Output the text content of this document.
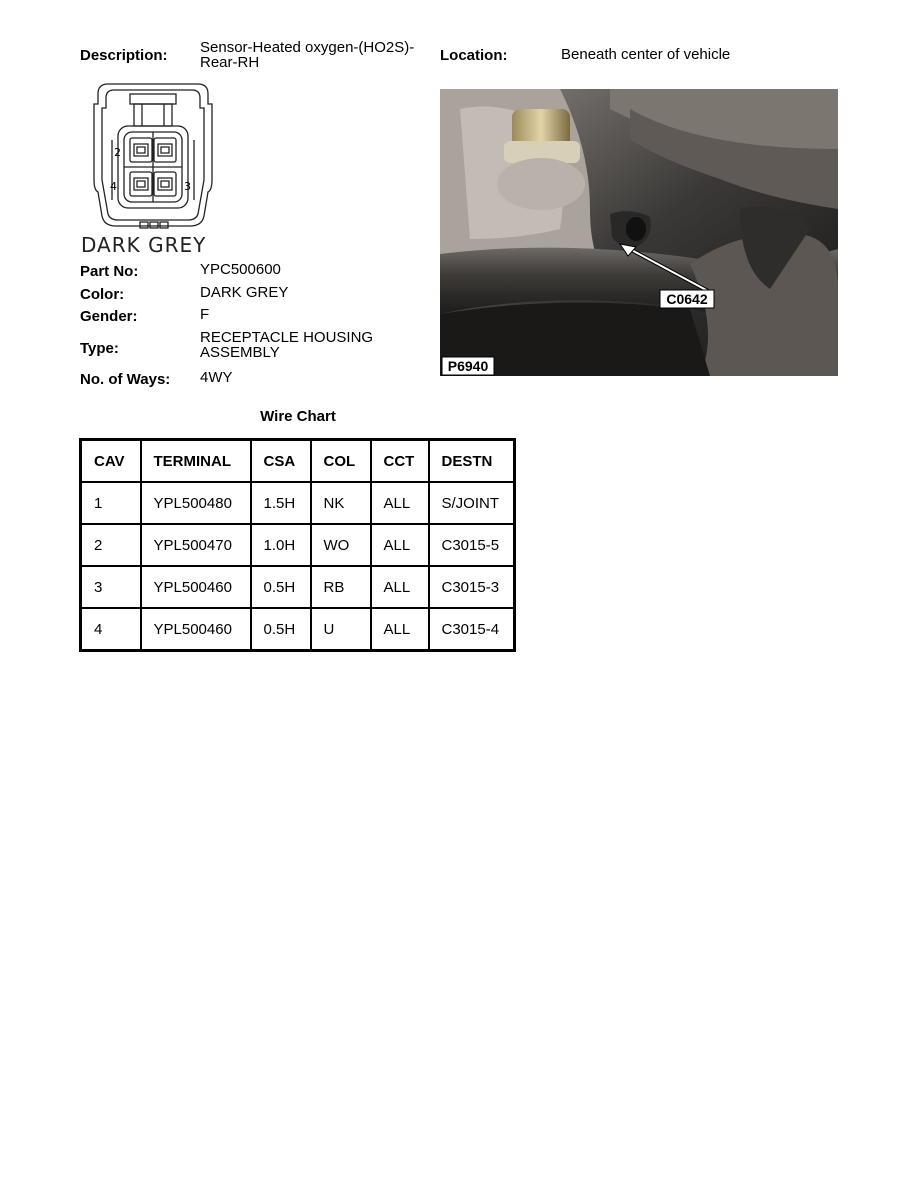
Description: Sensor-Heated oxygen-(HO2S)-
Rear-RH	Location:	Beneath center of vehicle
2
3
4
DARK GREY
Part No:	YPC500600
Color:	DARK GREY
Gender:	F
Type:
RECEPTACLE HOUSING
ASSEMBLY
No. of Ways: 4WY
C0642
P6940
Wire Chart
CAV	TERMINAL	CSA	COL	CCT	DESTN
1	YPL500480	1.5H	NK	ALL	S/JOINT
2	YPL500470	1.0H	WO	ALL	C3015-5
3	YPL500460	0.5H	RB	ALL	C3015-3
4	YPL500460	0.5H	U	ALL	C3015-4
